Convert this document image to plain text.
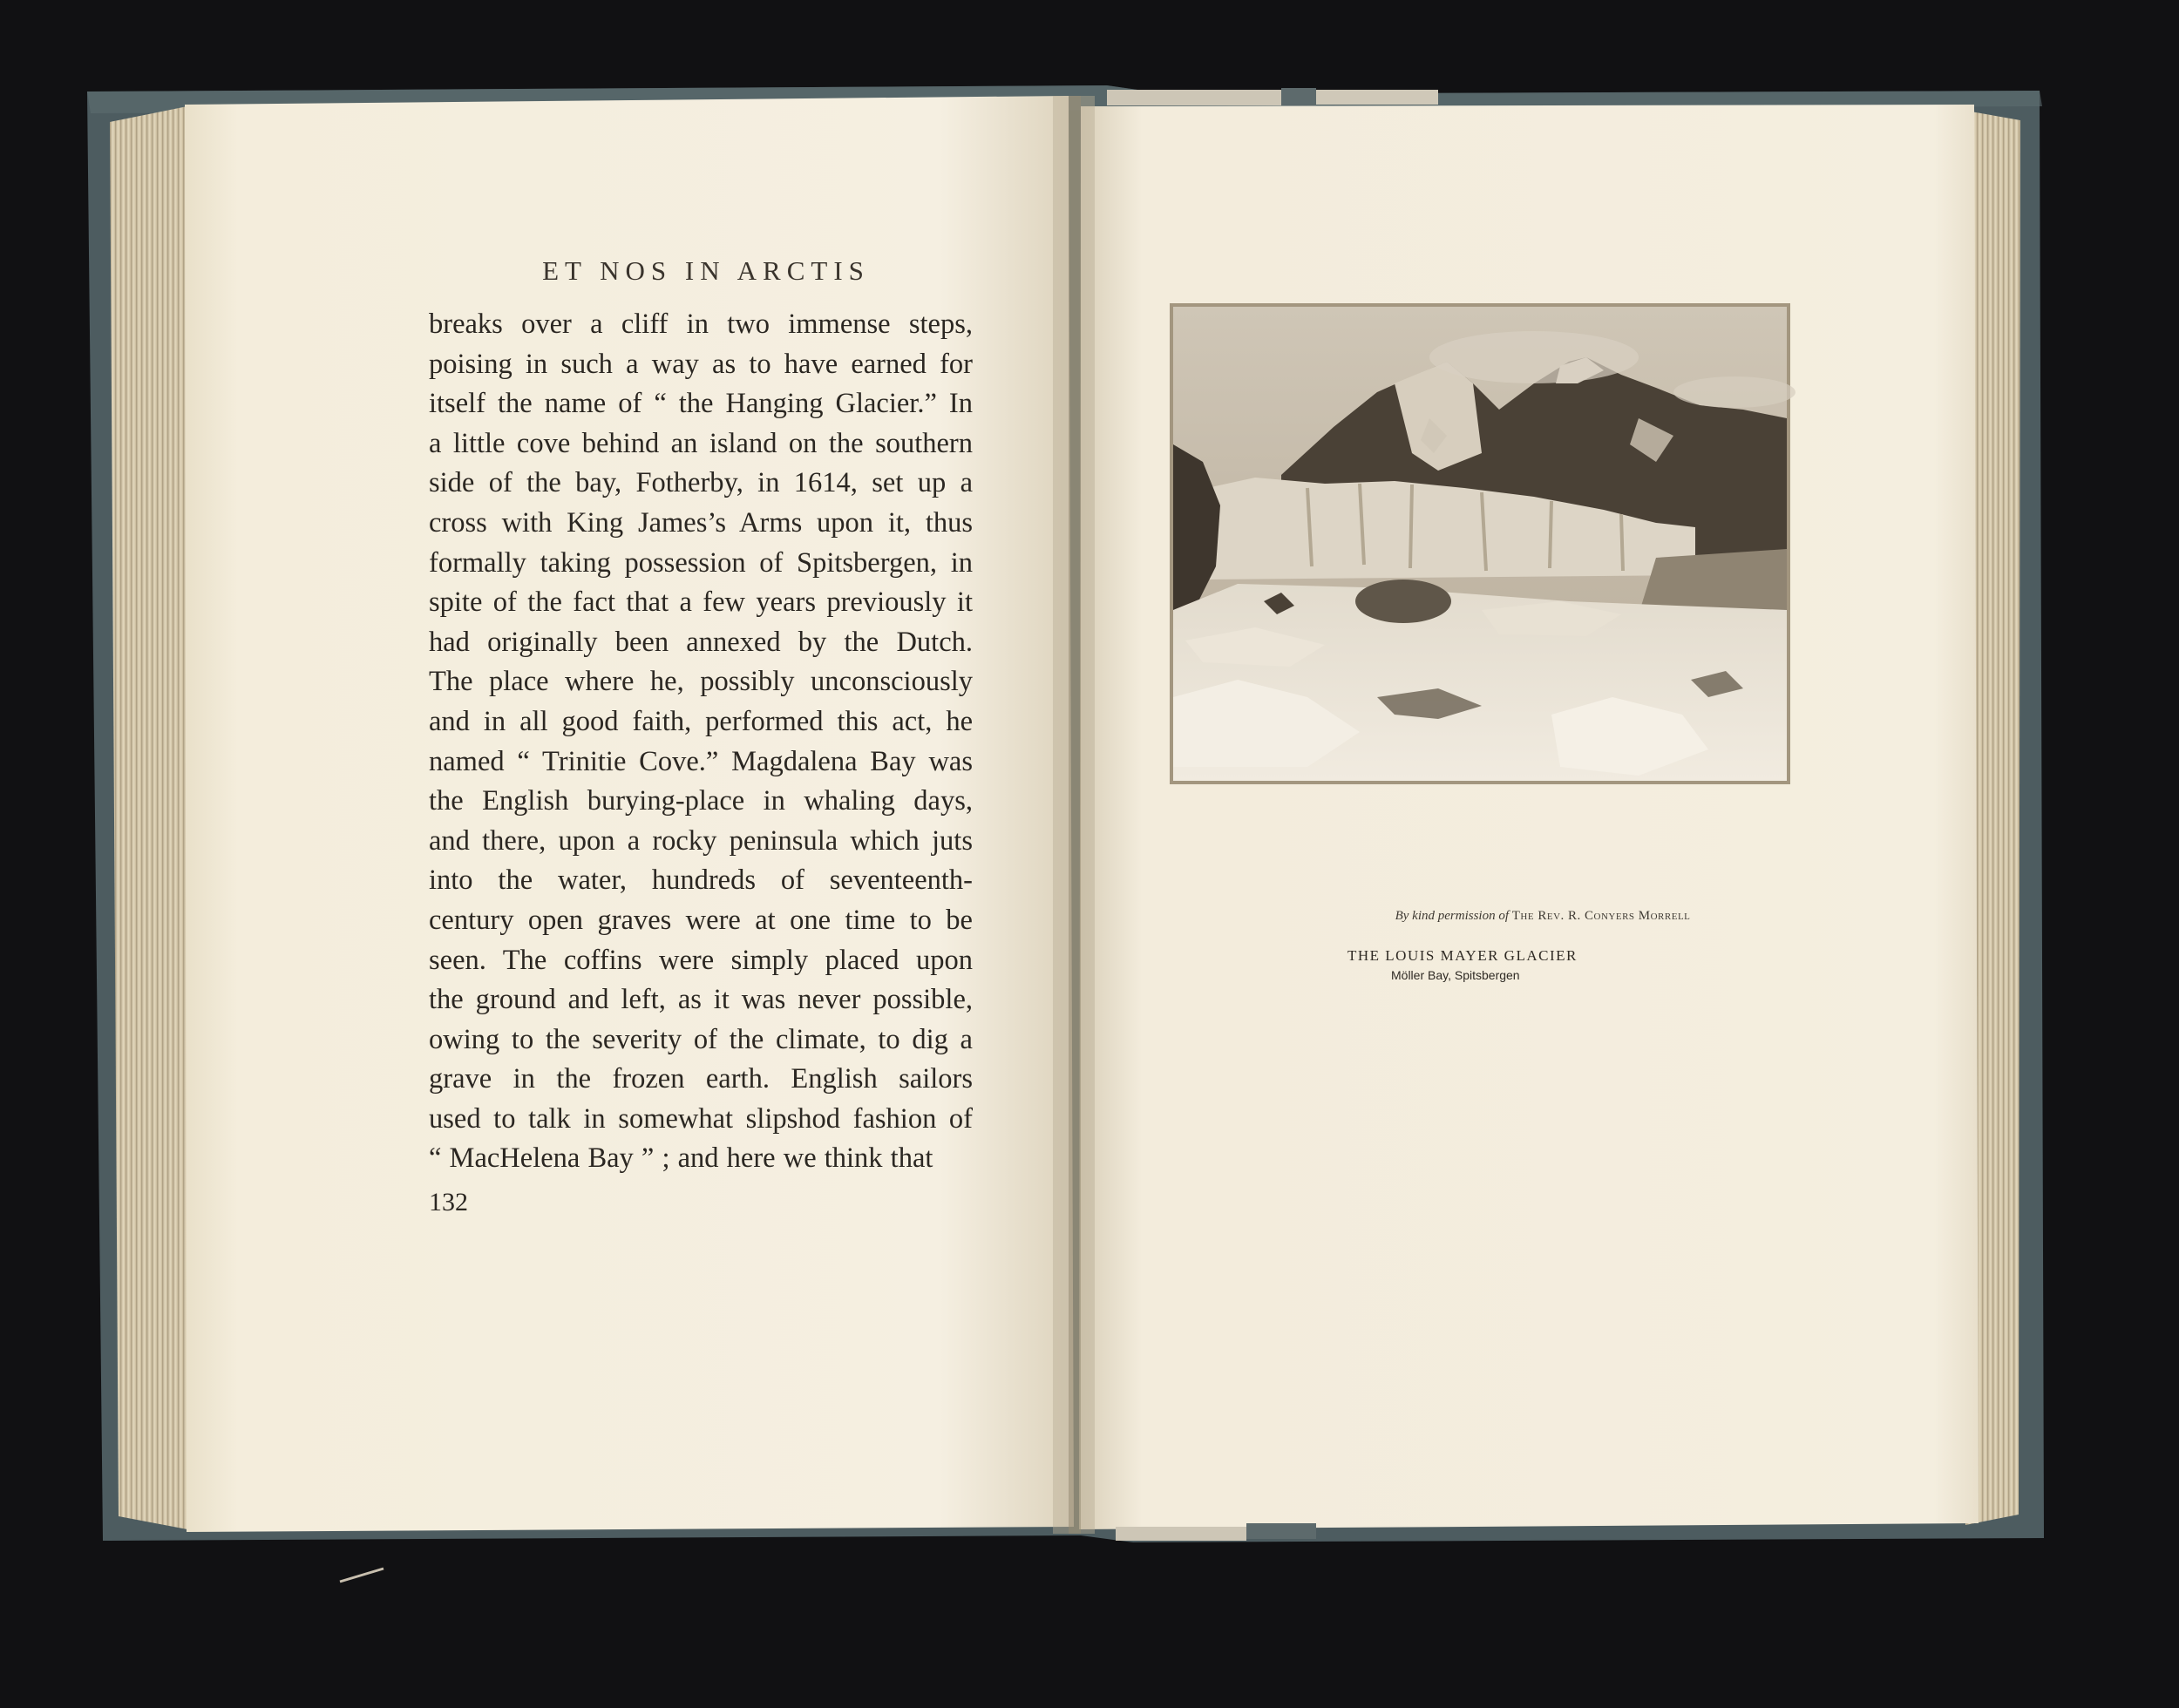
ET NOS IN ARCTIS
breaks over a cliff in two immense steps,
poising in such a way as to have earned for
itself the name of “ the Hanging Glacier.” In
a little cove behind an island on the southern
side of the bay, Fotherby, in 1614, set up a
cross with King James’s Arms upon it, thus
formally taking possession of Spitsbergen, in
spite of the fact that a few years previously it
had originally been annexed by the Dutch.
The place where he, possibly unconsciously
and in all good faith, performed this act, he
named “ Trinitie Cove.” Magdalena Bay was
the English burying-place in whaling days,
and there, upon a rocky peninsula which juts
into the water, hundreds of seventeenth-
century open graves were at one time to be
seen. The coffins were simply placed upon
the ground and left, as it was never possible,
owing to the severity of the climate, to dig a
grave in the frozen earth. English sailors
used to talk in somewhat slipshod fashion of
“ MacHelena Bay ” ; and here we think that
132
By kind permission of The Rev. R. Conyers Morrell
THE LOUIS MAYER GLACIER
Möller Bay, Spitsbergen
